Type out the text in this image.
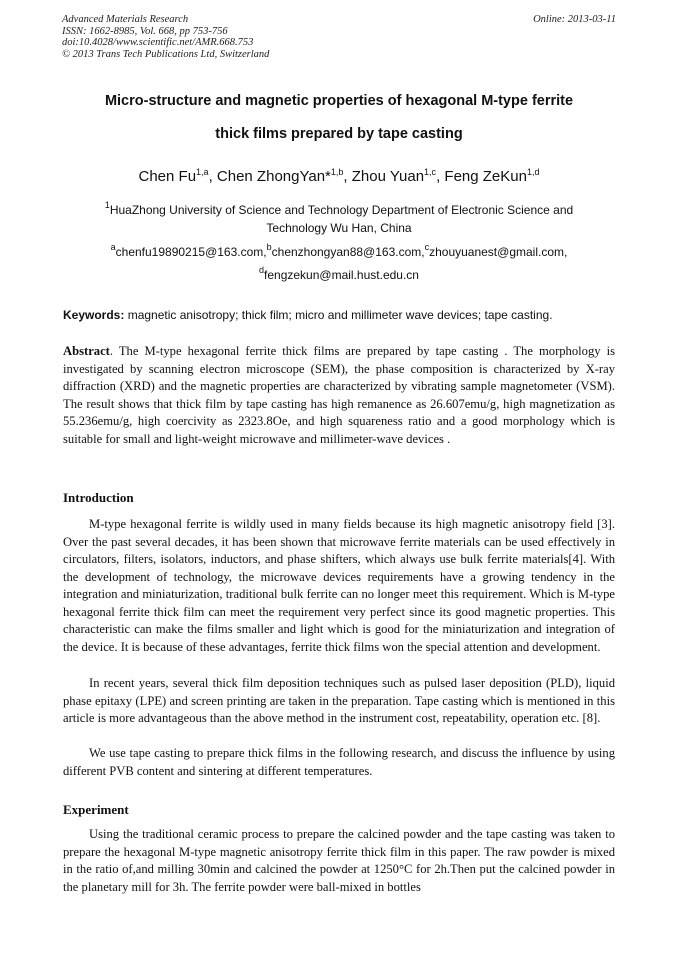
Advanced Materials Research
ISSN: 1662-8985, Vol. 668, pp 753-756
doi:10.4028/www.scientific.net/AMR.668.753
© 2013 Trans Tech Publications Ltd, Switzerland
Online: 2013-03-11
Micro-structure and magnetic properties of hexagonal M-type ferrite
thick films prepared by tape casting
Chen Fu$^{1,a}$, Chen ZhongYan*$^{1,b}$, Zhou Yuan$^{1,c}$, Feng ZeKun$^{1,d}$
$^1$HuaZhong University of Science and Technology Department of Electronic Science and
Technology Wu Han, China
$^a$chenfu19890215@163.com,$^b$chenzhongyan88@163.com,$^c$zhouyuanest@gmail.com,
$^d$fengzekun@mail.hust.edu.cn
Keywords: magnetic anisotropy; thick film; micro and millimeter wave devices; tape casting.
Abstract. The M-type hexagonal ferrite thick films are prepared by tape casting . The morphology is investigated by scanning electron microscope (SEM), the phase composition is characterized by X-ray diffraction (XRD) and the magnetic properties are characterized by vibrating sample magnetometer (VSM). The result shows that thick film by tape casting has high remanence as 26.607emu/g, high magnetization as 55.236emu/g, high coercivity as 2323.8Oe, and high squareness ratio and a good morphology which is suitable for small and light-weight microwave and millimeter-wave devices .
Introduction

M-type hexagonal ferrite is wildly used in many fields because its high magnetic anisotropy field [3]. Over the past several decades, it has been shown that microwave ferrite materials can be used effectively in circulators, filters, isolators, inductors, and phase shifters, which always use bulk ferrite materials[4]. With the development of technology, the microwave devices requirements have a growing tendency in the integration and miniaturization, traditional bulk ferrite can no longer meet this requirement. Which is M-type hexagonal ferrite thick film can meet the requirement very perfect since its good magnetic properties. This characteristic can make the films smaller and light which is good for the miniaturization and integration of the device. It is because of these advantages, ferrite thick films won the special attention and development.

In recent years, several thick film deposition techniques such as pulsed laser deposition (PLD), liquid phase epitaxy (LPE) and screen printing are taken in the preparation. Tape casting which is mentioned in this article is more advantageous than the above method in the instrument cost, repeatability, operation etc. [8].

We use tape casting to prepare thick films in the following research, and discuss the influence by using different PVB content and sintering at different temperatures.

Experiment

Using the traditional ceramic process to prepare the calcined powder and the tape casting was taken to prepare the hexagonal M-type magnetic anisotropy ferrite thick film in this paper. The raw powder is mixed in the ratio of,and milling 30min and calcined the powder at 1250°C for 2h.Then put the calcined powder in the planetary mill for 3h. The ferrite powder were ball-mixed in bottles
